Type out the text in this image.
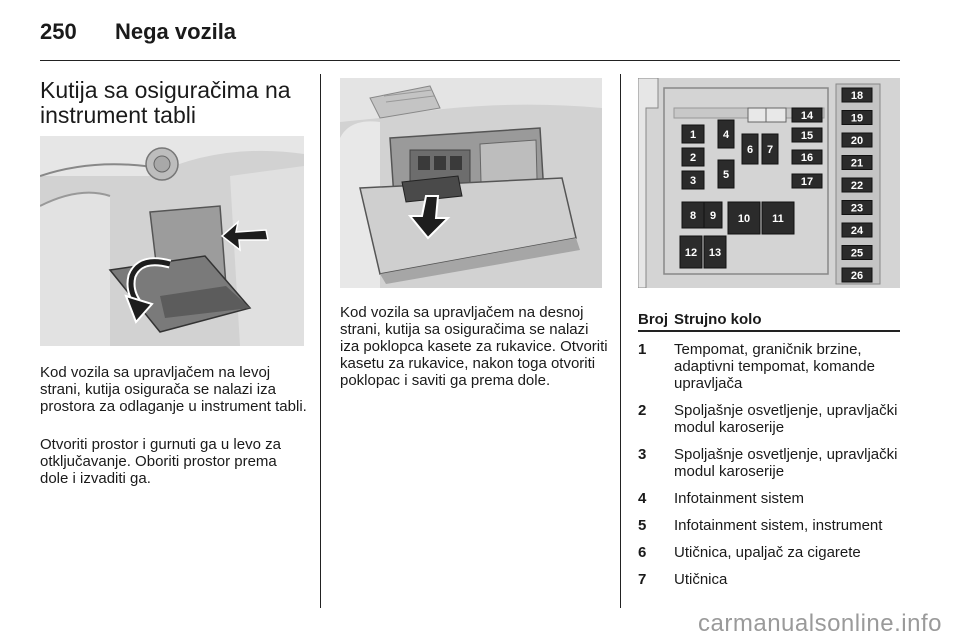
250 Nega vozila
Kutija sa osiguračima na instrument tabli
1
2
3
4
5
6 7
8 9 10 11
12 13
14
15
16
17
18
19
20
21
22
23
24
25
26
Kod vozila sa upravljačem na levoj strani, kutija osigurača se nalazi iza prostora za odlaganje u instrument tabli.
Otvoriti prostor i gurnuti ga u levo za otključavanje. Oboriti prostor prema dole i izvaditi ga.
Kod vozila sa upravljačem na desnoj strani, kutija sa osiguračima se nalazi iza poklopca kasete za rukavice. Otvoriti kasetu za rukavice, nakon toga otvoriti poklopac i saviti ga prema dole.
Broj Strujno kolo
1	Tempomat, graničnik brzine, adaptivni tempomat, komande upravljača
2	Spoljašnje osvetljenje, upravljački modul karoserije
3	Spoljašnje osvetljenje, upravljački modul karoserije
4	Infotainment sistem
5	Infotainment sistem, instrument
6	Utičnica, upaljač za cigarete
7	Utičnica
carmanualsonline.info
